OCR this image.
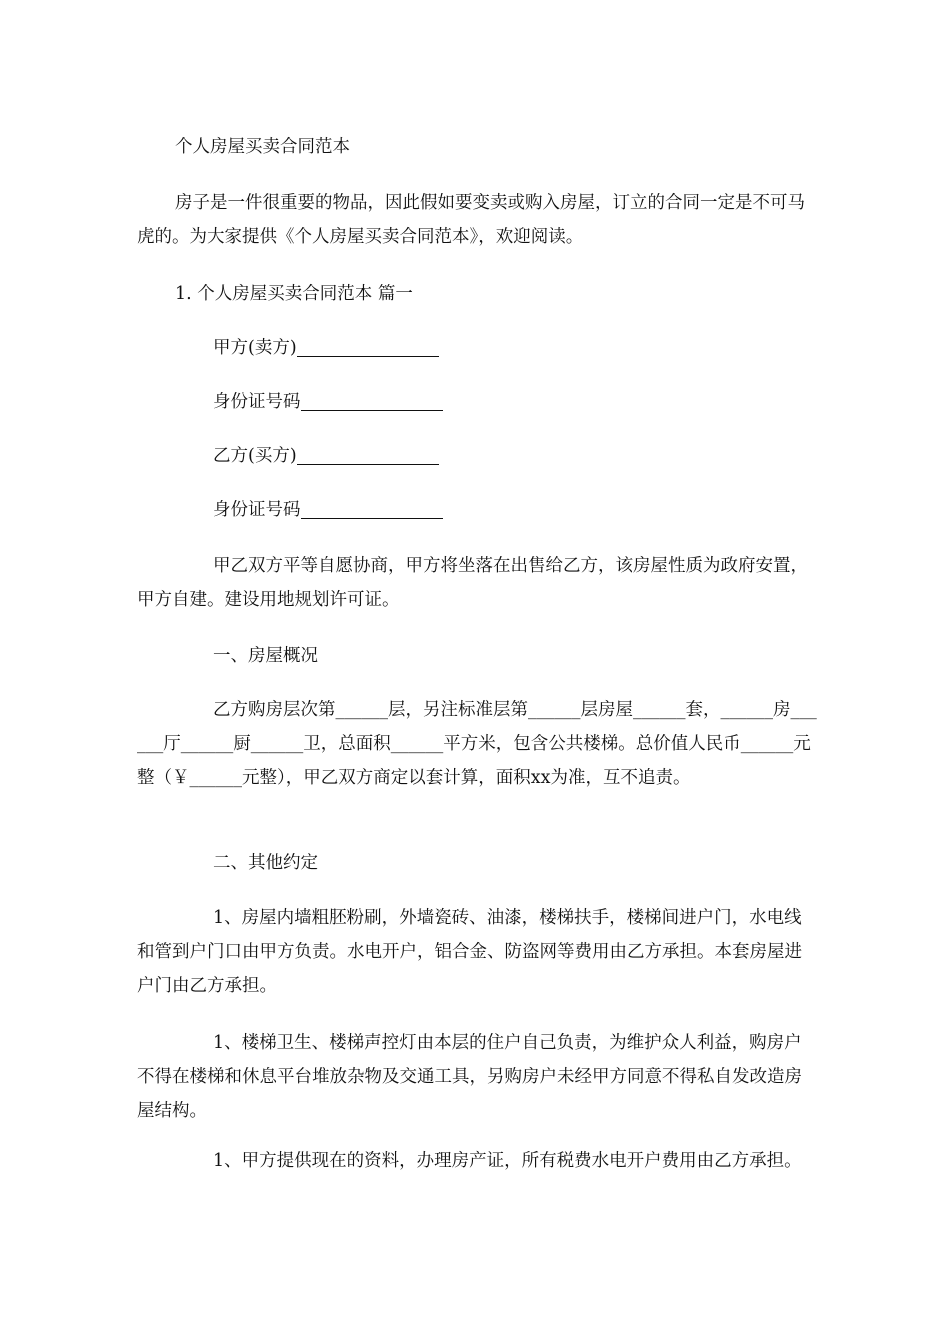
个人房屋买卖合同范本

房子是一件很重要的物品，因此假如要变卖或购入房屋，订立的合同一定是不可马虎的。为大家提供《个人房屋买卖合同范本》，欢迎阅读。

1. 个人房屋买卖合同范本 篇一

甲方(卖方)
身份证号码
乙方(买方)
身份证号码

甲乙双方平等自愿协商，甲方将坐落在出售给乙方，该房屋性质为政府安置，甲方自建。建设用地规划许可证。

一、房屋概况

乙方购房层次第______层，另注标准层第______层房屋______套，______房______厅______厨______卫，总面积______平方米，包含公共楼梯。总价值人民币______元整（￥______元整），甲乙双方商定以套计算，面积xx为准，互不追责。

二、其他约定

1、房屋内墙粗胚粉刷，外墙瓷砖、油漆，楼梯扶手，楼梯间进户门，水电线和管到户门口由甲方负责。水电开户，铝合金、防盗网等费用由乙方承担。本套房屋进户门由乙方承担。

1、楼梯卫生、楼梯声控灯由本层的住户自己负责，为维护众人利益，购房户不得在楼梯和休息平台堆放杂物及交通工具，另购房户未经甲方同意不得私自发改造房屋结构。

1、甲方提供现在的资料，办理房产证，所有税费水电开户费用由乙方承担。
